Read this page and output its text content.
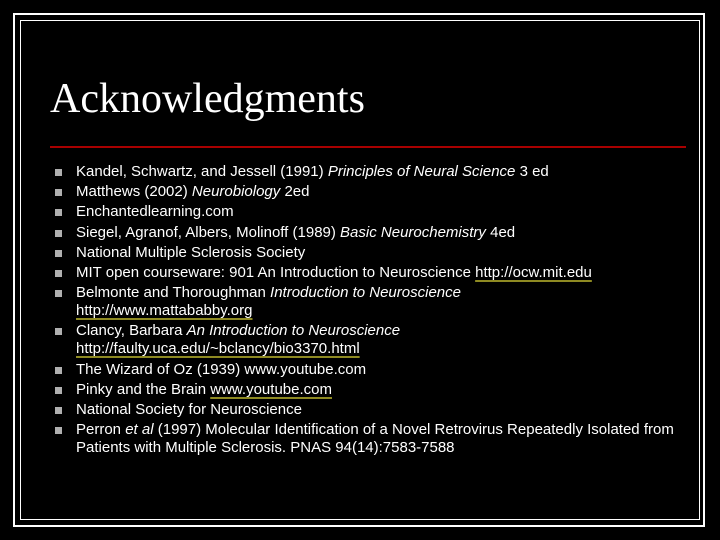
Acknowledgments
Kandel, Schwartz, and Jessell (1991) Principles of Neural Science 3 ed
Matthews (2002) Neurobiology 2ed
Enchantedlearning.com
Siegel, Agranof, Albers, Molinoff (1989) Basic Neurochemistry 4ed
National Multiple Sclerosis Society
MIT open courseware: 901 An Introduction to Neuroscience http://ocw.mit.edu
Belmonte and Thoroughman Introduction to Neuroscience
http://www.mattababby.org
Clancy, Barbara An Introduction to Neuroscience
http://faulty.uca.edu/~bclancy/bio3370.html
The Wizard of Oz (1939) www.youtube.com
Pinky and the Brain www.youtube.com
National Society for Neuroscience
Perron et al (1997) Molecular Identification of a Novel Retrovirus Repeatedly Isolated from Patients with Multiple Sclerosis. PNAS 94(14):7583-7588
